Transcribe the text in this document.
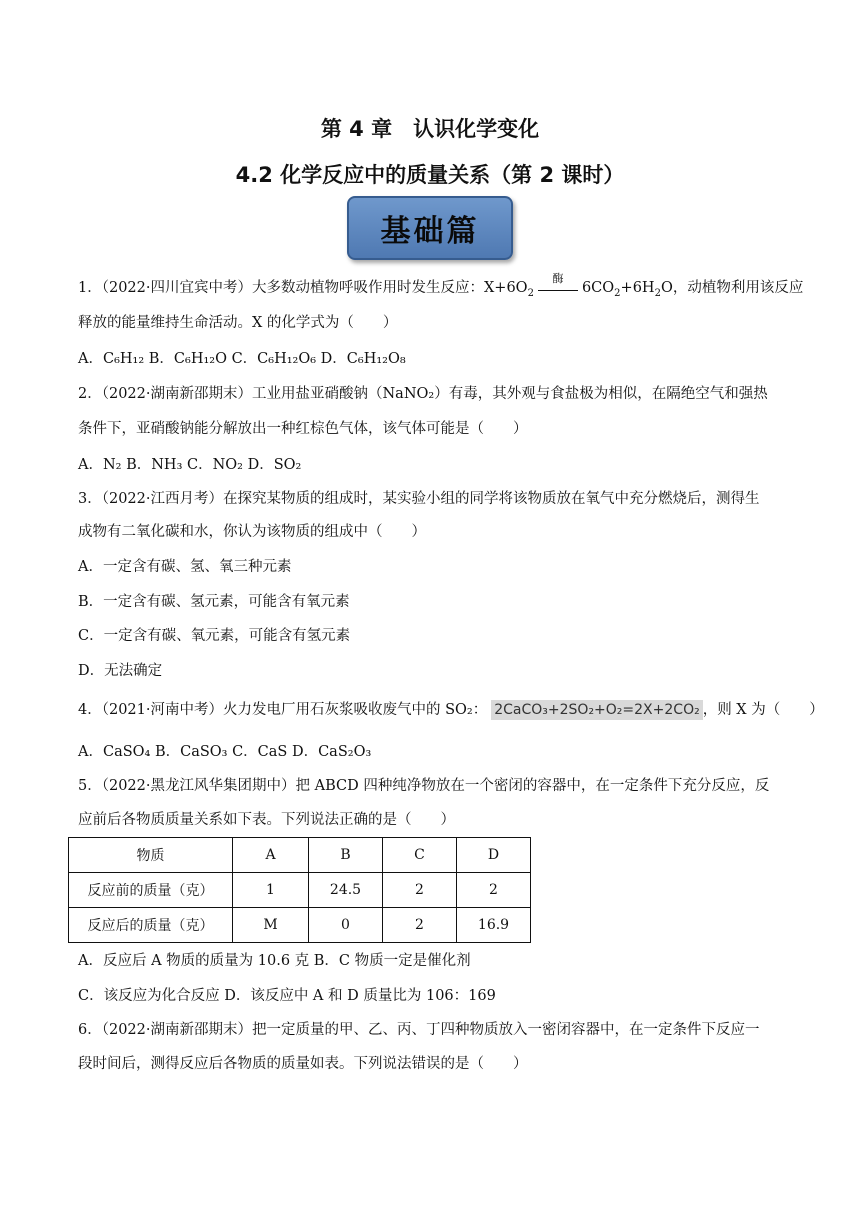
第 4 章　认识化学变化
4.2 化学反应中的质量关系（第 2 课时）
基础篇
1．（2022·四川宜宾中考）大多数动植物呼吸作用时发生反应：$X+6O_2$
酶
$6CO_2+6H_2O$，动植物利用该反应
释放的能量维持生命活动。X 的化学式为（　　）
A．C₆H₁₂ B．C₆H₁₂O C．C₆H₁₂O₆ D．C₆H₁₂O₈
2．（2022·湖南新邵期末）工业用盐亚硝酸钠（NaNO₂）有毒，其外观与食盐极为相似，在隔绝空气和强热
条件下，亚硝酸钠能分解放出一种红棕色气体，该气体可能是（　　）
A．N₂ B．NH₃ C．NO₂ D．SO₂
3．（2022·江西月考）在探究某物质的组成时，某实验小组的同学将该物质放在氧气中充分燃烧后，测得生
成物有二氧化碳和水，你认为该物质的组成中（　　）
A．一定含有碳、氢、氧三种元素
B．一定含有碳、氢元素，可能含有氧元素
C．一定含有碳、氧元素，可能含有氢元素
D．无法确定
4．（2021·河南中考）火力发电厂用石灰浆吸收废气中的 SO₂： 2CaCO₃+2SO₂+O₂=2X+2CO₂ ，则 X 为（　　）
A．CaSO₄ B．CaSO₃ C．CaS D．CaS₂O₃
5．（2022·黑龙江风华集团期中）把 ABCD 四种纯净物放在一个密闭的容器中，在一定条件下充分反应，反
应前后各物质质量关系如下表。下列说法正确的是（　　）
物质	A	B	C	D
反应前的质量（克）	1	24.5	2	2
反应后的质量（克）	M	0	2	16.9
A．反应后 A 物质的质量为 10.6 克 B．C 物质一定是催化剂
C．该反应为化合反应 D．该反应中 A 和 D 质量比为 106：169
6．（2022·湖南新邵期末）把一定质量的甲、乙、丙、丁四种物质放入一密闭容器中，在一定条件下反应一
段时间后，测得反应后各物质的质量如表。下列说法错误的是（　　）
